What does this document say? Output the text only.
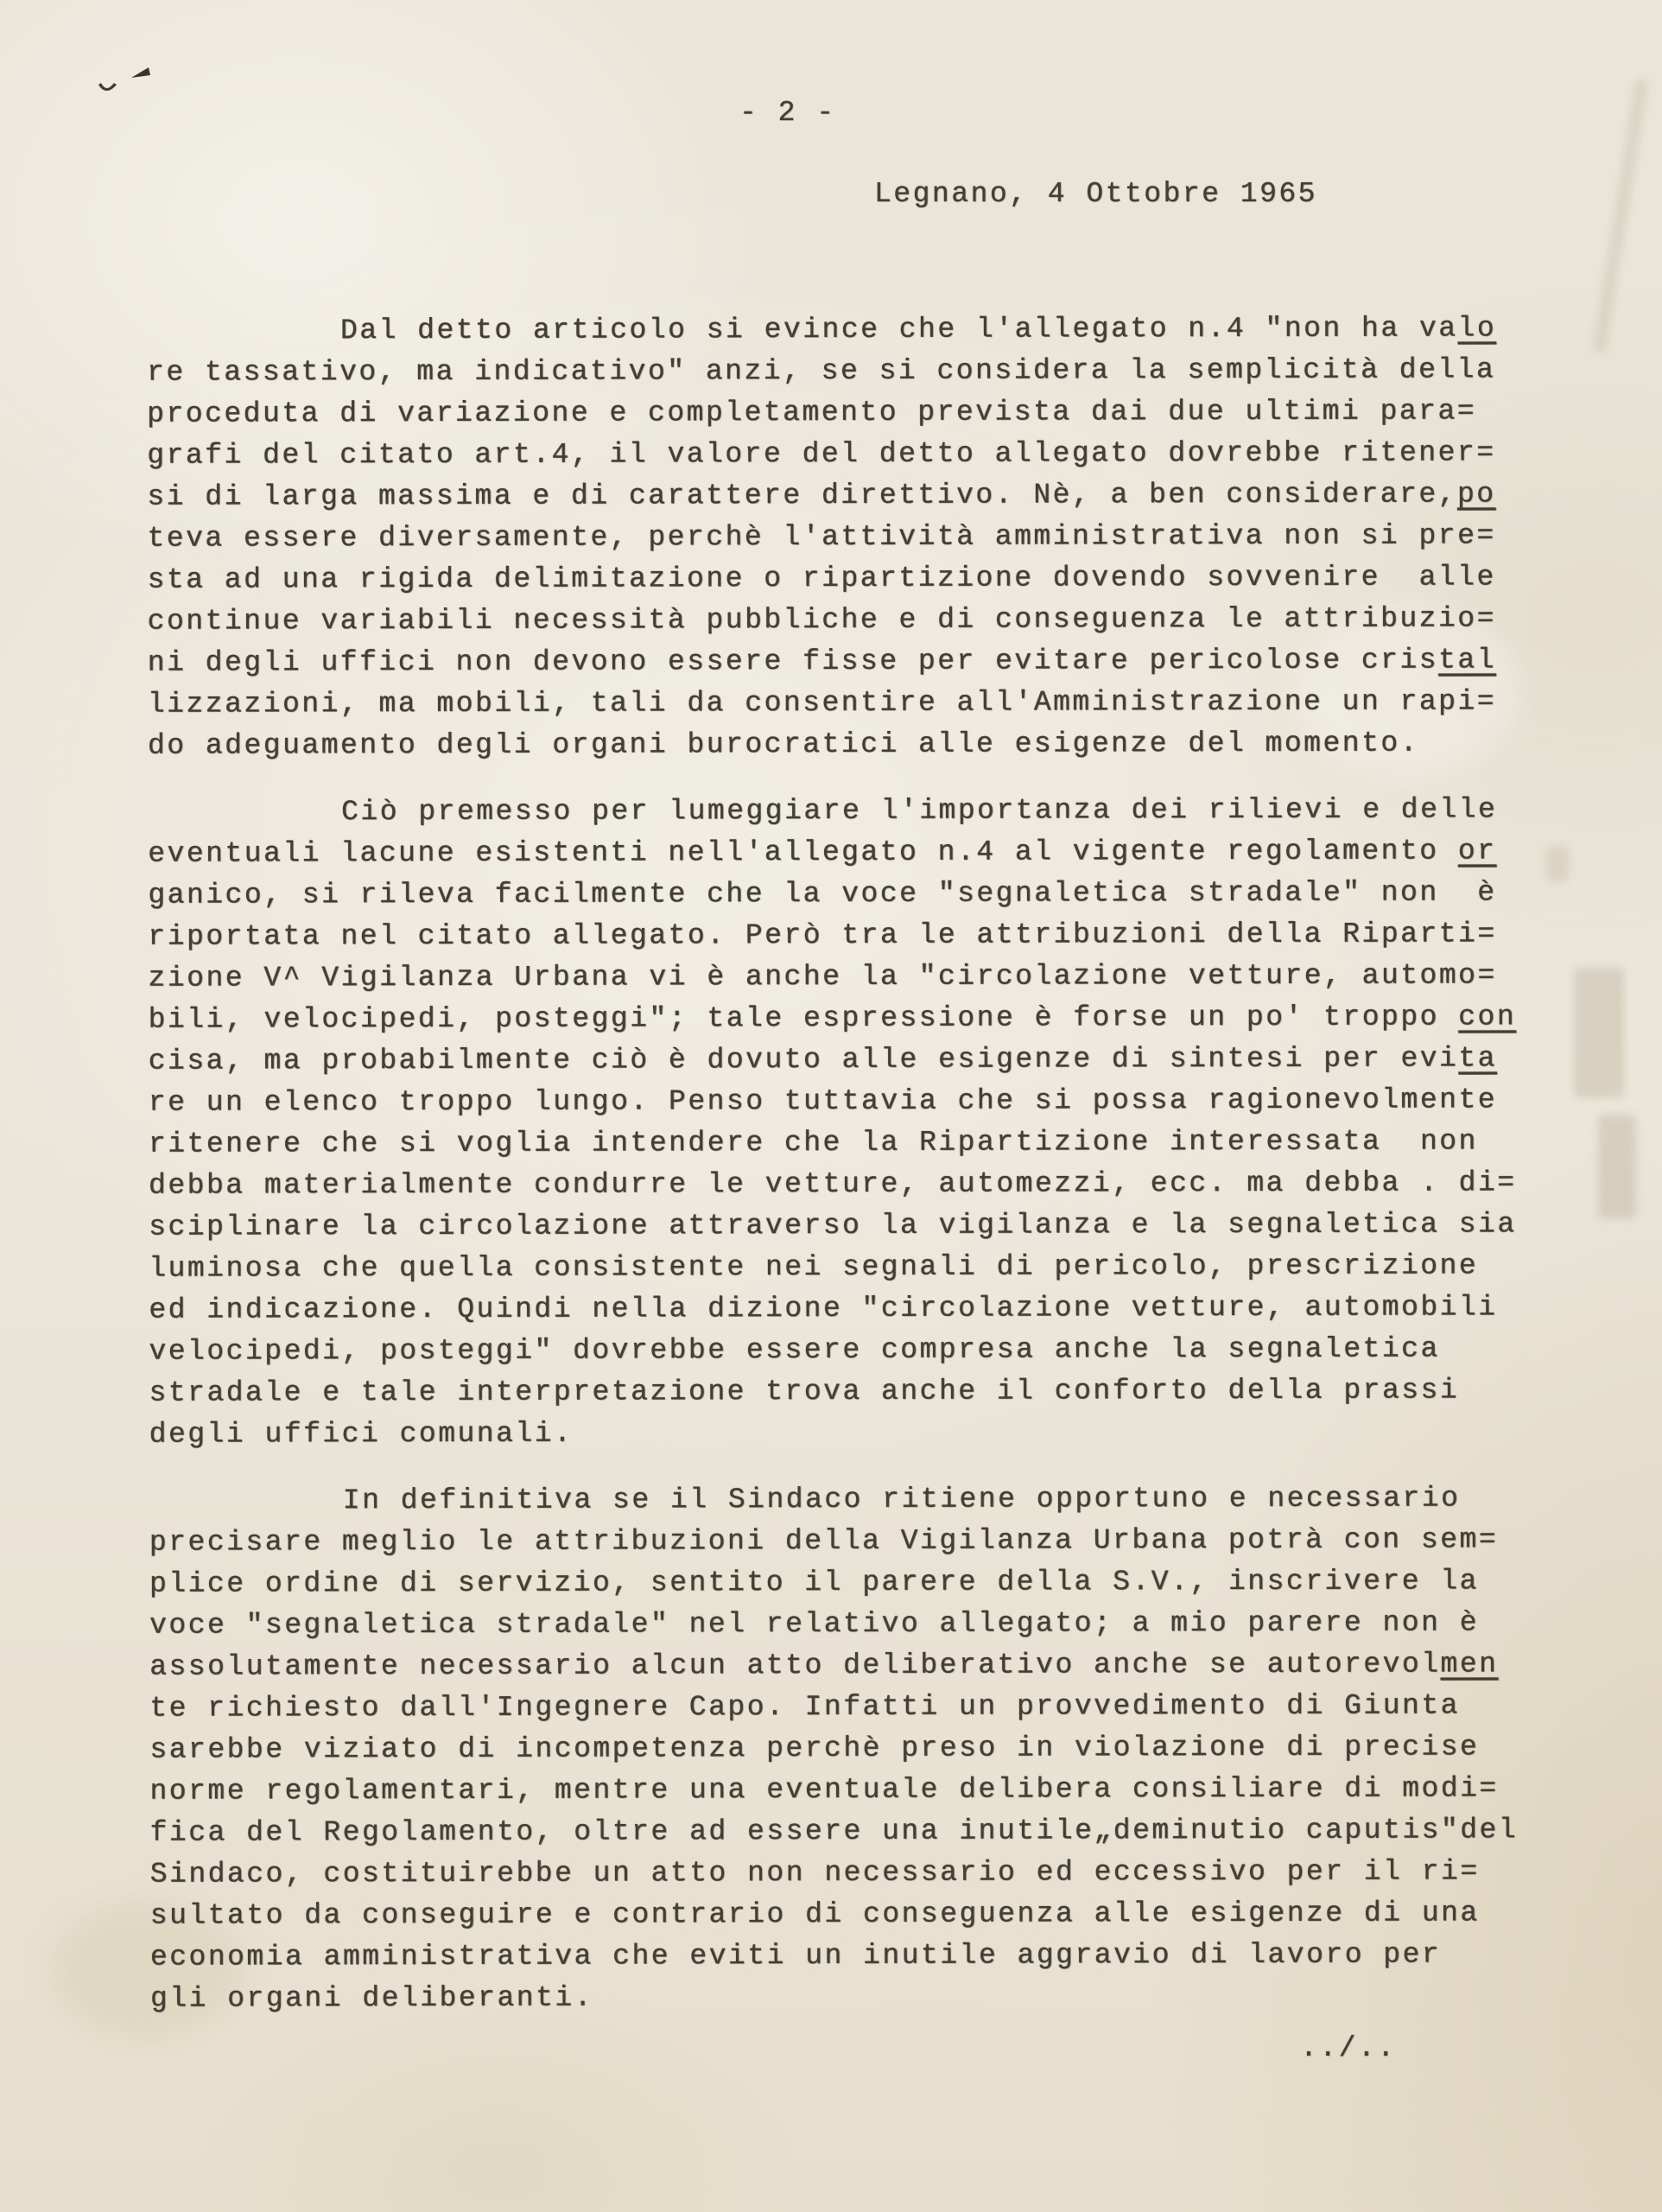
- 2 -
Legnano, 4 Ottobre 1965
Dal detto articolo si evince che l'allegato n.4 "non ha valo
re tassativo, ma indicativo" anzi, se si considera la semplicità della
proceduta di variazione e completamento prevista dai due ultimi para=
grafi del citato art.4, il valore del detto allegato dovrebbe ritener=
si di larga massima e di carattere direttivo. Nè, a ben considerare,po
teva essere diversamente, perchè l'attività amministrativa non si pre=
sta ad una rigida delimitazione o ripartizione dovendo sovvenire  alle
continue variabili necessità pubbliche e di conseguenza le attribuzio=
ni degli uffici non devono essere fisse per evitare pericolose cristal
lizzazioni, ma mobili, tali da consentire all'Amministrazione un rapi=
do adeguamento degli organi burocratici alle esigenze del momento.
Ciò premesso per lumeggiare l'importanza dei rilievi e delle
eventuali lacune esistenti nell'allegato n.4 al vigente regolamento or
ganico, si rileva facilmente che la voce "segnaletica stradale" non  è
riportata nel citato allegato. Però tra le attribuzioni della Riparti=
zione V^ Vigilanza Urbana vi è anche la "circolazione vetture, automo=
bili, velocipedi, posteggi"; tale espressione è forse un po' troppo con
cisa, ma probabilmente ciò è dovuto alle esigenze di sintesi per evita
re un elenco troppo lungo. Penso tuttavia che si possa ragionevolmente
ritenere che si voglia intendere che la Ripartizione interessata  non
debba materialmente condurre le vetture, automezzi, ecc. ma debba . di=
sciplinare la circolazione attraverso la vigilanza e la segnaletica sia
luminosa che quella consistente nei segnali di pericolo, prescrizione
ed indicazione. Quindi nella dizione "circolazione vetture, automobili
velocipedi, posteggi" dovrebbe essere compresa anche la segnaletica
stradale e tale interpretazione trova anche il conforto della prassi
degli uffici comunali.
In definitiva se il Sindaco ritiene opportuno e necessario
precisare meglio le attribuzioni della Vigilanza Urbana potrà con sem=
plice ordine di servizio, sentito il parere della S.V., inscrivere la
voce "segnaletica stradale" nel relativo allegato; a mio parere non è
assolutamente necessario alcun atto deliberativo anche se autorevolmen
te richiesto dall'Ingegnere Capo. Infatti un provvedimento di Giunta
sarebbe viziato di incompetenza perchè preso in violazione di precise
norme regolamentari, mentre una eventuale delibera consiliare di modi=
fica del Regolamento, oltre ad essere una inutile„deminutio caputis"del
Sindaco, costituirebbe un atto non necessario ed eccessivo per il ri=
sultato da conseguire e contrario di conseguenza alle esigenze di una
economia amministrativa che eviti un inutile aggravio di lavoro per
gli organi deliberanti.
../..
